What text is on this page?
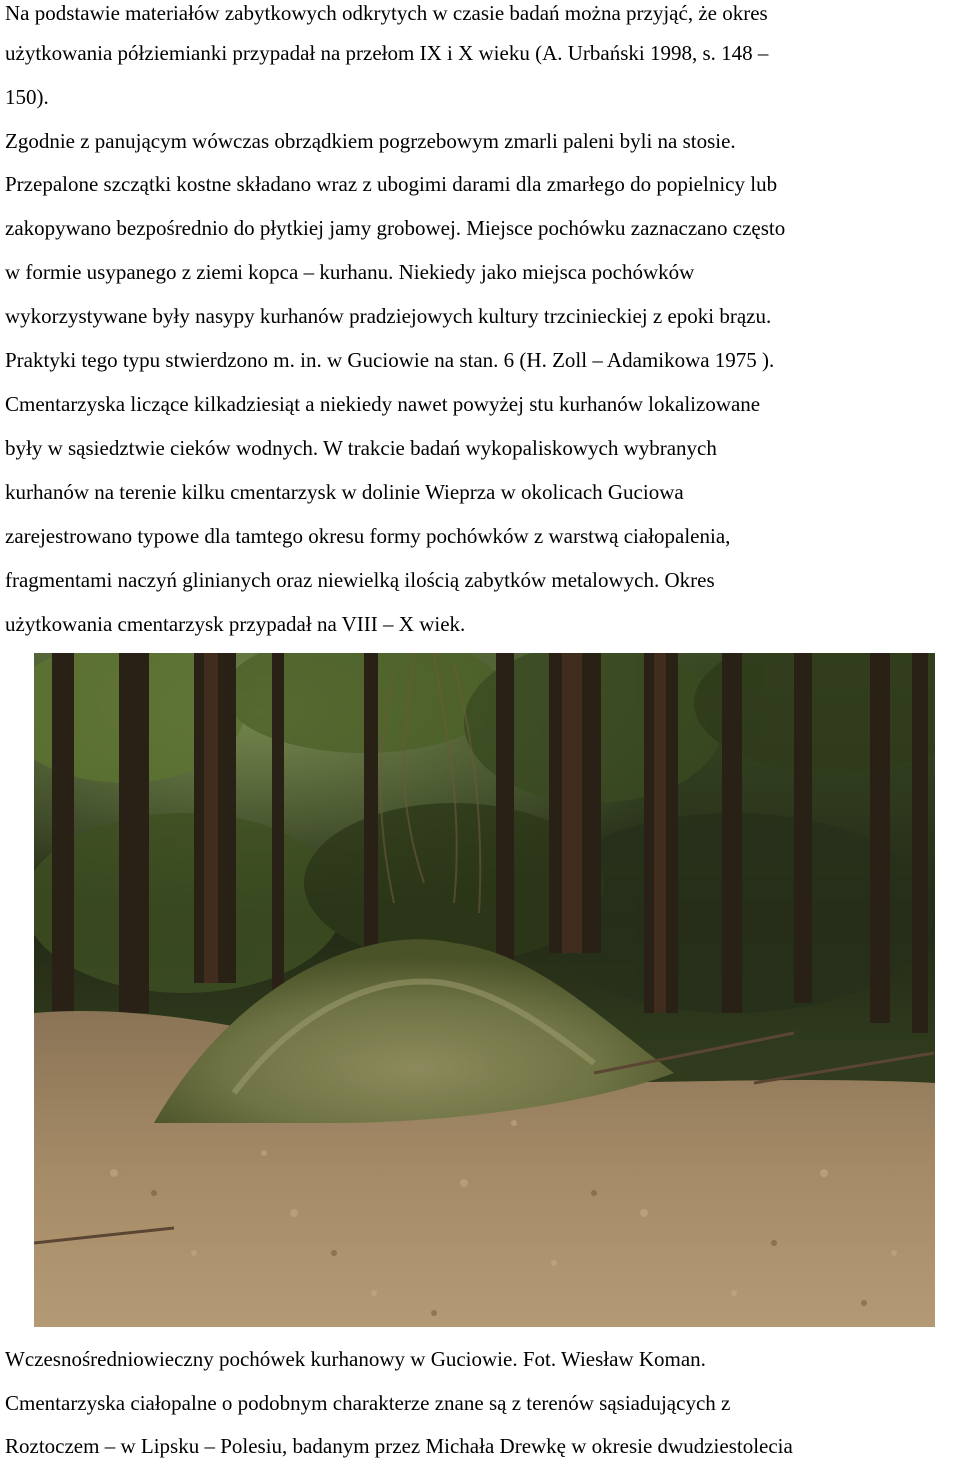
Na podstawie materiałów zabytkowych odkrytych w czasie badań można przyjąć, że okres
użytkowania półziemianki przypadał na przełom IX i X wieku (A. Urbański 1998, s. 148 –
150).
Zgodnie z panującym wówczas obrządkiem pogrzebowym zmarli paleni byli na stosie.
Przepalone szczątki kostne składano wraz z ubogimi darami dla zmarłego do popielnicy lub
zakopywano bezpośrednio do płytkiej jamy grobowej. Miejsce pochówku zaznaczano często
w formie usypanego z ziemi kopca – kurhanu. Niekiedy jako miejsca pochówków
wykorzystywane były nasypy kurhanów pradziejowych kultury trzcinieckiej z epoki brązu.
Praktyki tego typu stwierdzono m. in. w Guciowie na stan. 6 (H. Zoll – Adamikowa 1975 ).
Cmentarzyska liczące kilkadziesiąt a niekiedy nawet powyżej stu kurhanów lokalizowane
były w sąsiedztwie cieków wodnych. W trakcie badań wykopaliskowych wybranych
kurhanów na terenie kilku cmentarzysk w dolinie Wieprza w okolicach Guciowa
zarejestrowano typowe dla tamtego okresu formy pochówków z warstwą ciałopalenia,
fragmentami naczyń glinianych oraz niewielką ilością zabytków metalowych. Okres
użytkowania cmentarzysk przypadał na VIII – X wiek.
Wczesnośredniowieczny pochówek kurhanowy w Guciowie. Fot. Wiesław Koman.
Cmentarzyska ciałopalne o podobnym charakterze znane są z terenów sąsiadujących z
Roztoczem – w Lipsku – Polesiu, badanym przez Michała Drewkę w okresie dwudziestolecia
